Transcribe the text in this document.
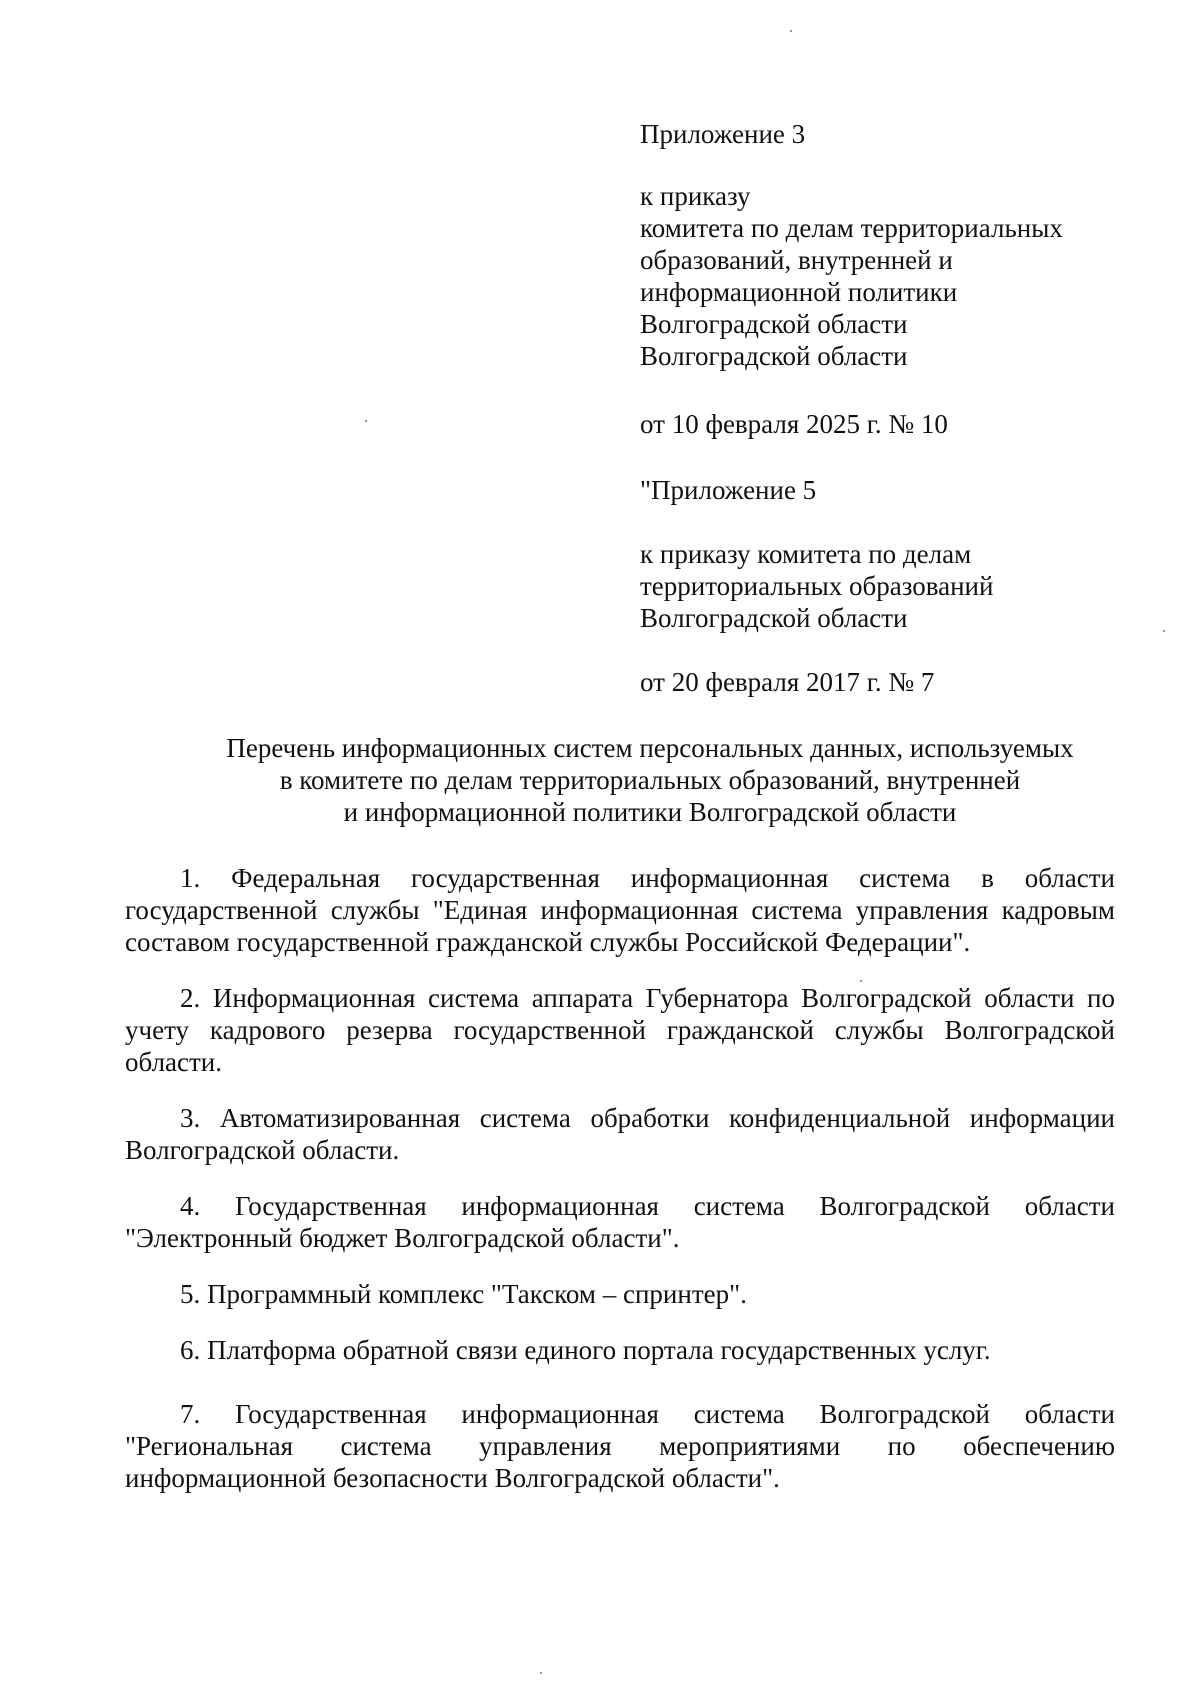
Приложение 3
к приказу
комитета по делам территориальных
образований, внутренней и
информационной политики
Волгоградской области
Волгоградской области
от 10 февраля 2025 г. № 10
"Приложение 5
к приказу комитета по делам
территориальных образований
Волгоградской области
от 20 февраля 2017 г. № 7
Перечень информационных систем персональных данных, используемых
в комитете по делам территориальных образований, внутренней
и информационной политики Волгоградской области

1. Федеральная государственная информационная система в области государственной службы "Единая информационная система управления кадровым составом государственной гражданской службы Российской Федерации".

2. Информационная система аппарата Губернатора Волгоградской области по учету кадрового резерва государственной гражданской службы Волгоградской области.

3. Автоматизированная система обработки конфиденциальной информации Волгоградской области.

4. Государственная информационная система Волгоградской области "Электронный бюджет Волгоградской области".

5. Программный комплекс "Такском – спринтер".

6. Платформа обратной связи единого портала государственных услуг.

7. Государственная информационная система Волгоградской области "Региональная система управления мероприятиями по обеспечению информационной безопасности Волгоградской области".
